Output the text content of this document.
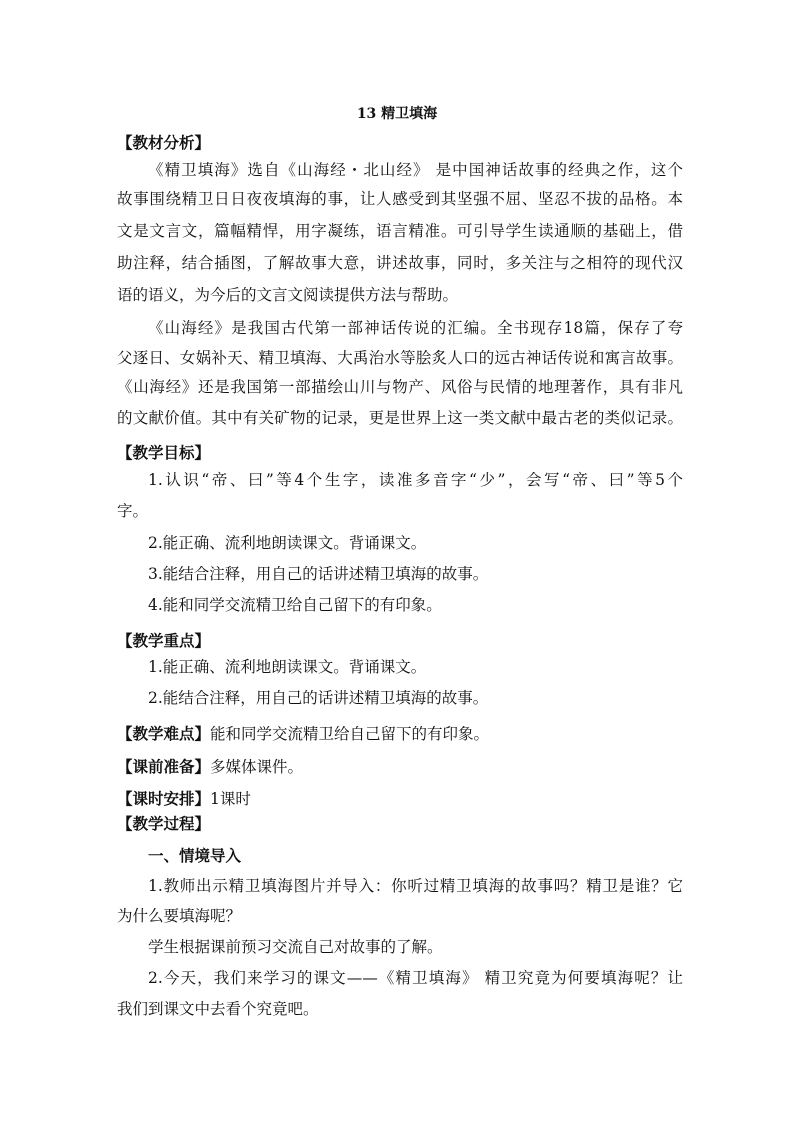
13 精卫填海
【教材分析】
《精卫填海》选自《山海经・北山经》 是中国神话故事的经典之作，这个
故事围绕精卫日日夜夜填海的事，让人感受到其坚强不屈、坚忍不拔的品格。本
文是文言文，篇幅精悍，用字凝练，语言精准。可引导学生读通顺的基础上，借
助注释，结合插图，了解故事大意，讲述故事，同时，多关注与之相符的现代汉
语的语义，为今后的文言文阅读提供方法与帮助。
《山海经》是我国古代第一部神话传说的汇编。全书现存18篇，保存了夸
父逐日、女娲补天、精卫填海、大禹治水等脍炙人口的远古神话传说和寓言故事。
《山海经》还是我国第一部描绘山川与物产、风俗与民情的地理著作，具有非凡
的文献价值。其中有关矿物的记录，更是世界上这一类文献中最古老的类似记录。
【教学目标】
1.认识“帝、曰”等4个生字，读准多音字“少”，会写“帝、曰”等5个
字。
2.能正确、流利地朗读课文。背诵课文。
3.能结合注释，用自己的话讲述精卫填海的故事。
4.能和同学交流精卫给自己留下的有印象。
【教学重点】
1.能正确、流利地朗读课文。背诵课文。
2.能结合注释，用自己的话讲述精卫填海的故事。
【教学难点】能和同学交流精卫给自己留下的有印象。
【课前准备】多媒体课件。
【课时安排】1课时
【教学过程】
一、情境导入
1.教师出示精卫填海图片并导入：你听过精卫填海的故事吗？精卫是谁？它
为什么要填海呢？
学生根据课前预习交流自己对故事的了解。
2.今天，我们来学习的课文——《精卫填海》 精卫究竟为何要填海呢？让
我们到课文中去看个究竟吧。
